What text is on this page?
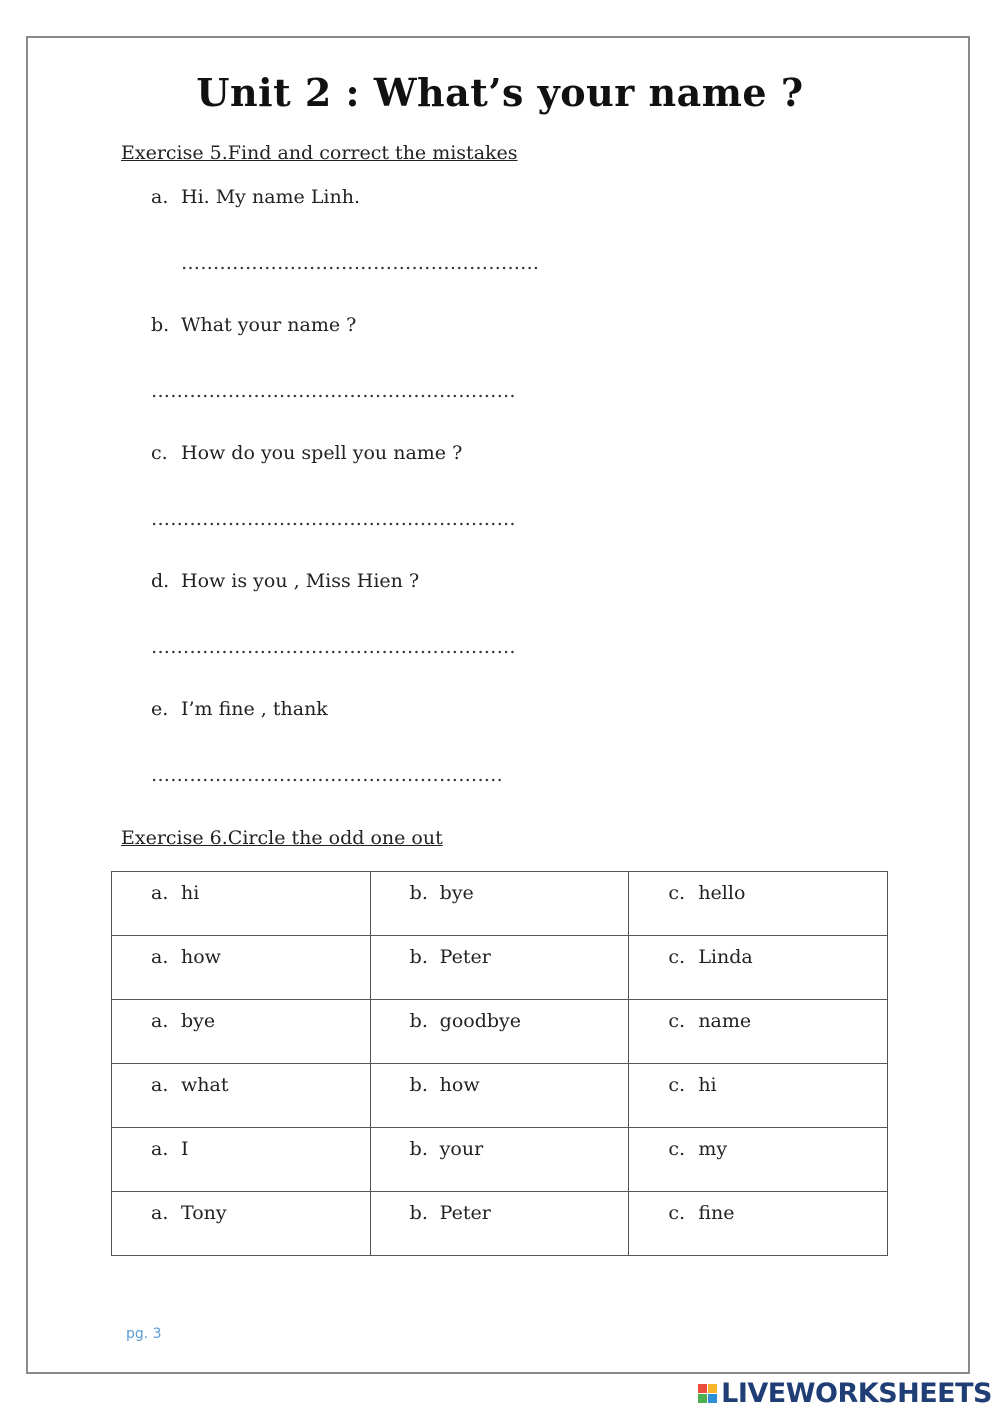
Unit 2 : What’s your name ?
Exercise 5.Find and correct the mistakes
a. Hi. My name Linh.
………………………………………………..
b. What your name ?
…………………………………………………
c. How do you spell you name ?
…………………………………………………
d. How is you , Miss Hien ?
…………………………………………………
e. I’m fine , thank
……………………………………………….
Exercise 6.Circle the odd one out
a. hi	b. bye	c. hello
a. how	b. Peter	c. Linda
a. bye	b. goodbye	c. name
a. what	b. how	c. hi
a. I	b. your	c. my
a. Tony	b. Peter	c. fine
pg. 3
LIVEWORKSHEETS
